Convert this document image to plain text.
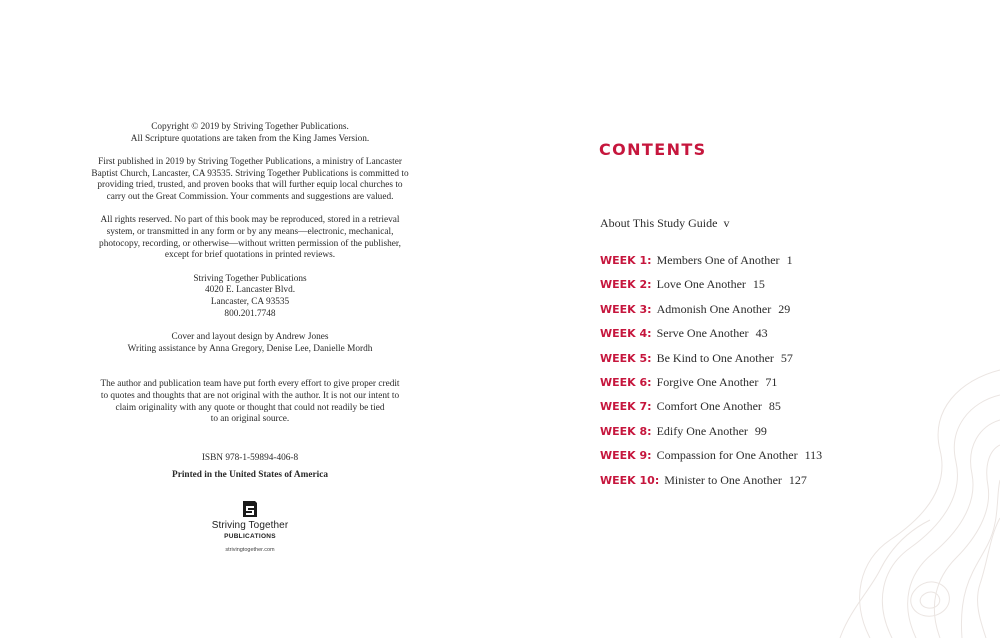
Copyright © 2019 by Striving Together Publications.
All Scripture quotations are taken from the King James Version.

First published in 2019 by Striving Together Publications, a ministry of Lancaster
Baptist Church, Lancaster, CA 93535. Striving Together Publications is committed to
providing tried, trusted, and proven books that will further equip local churches to
carry out the Great Commission. Your comments and suggestions are valued.

All rights reserved. No part of this book may be reproduced, stored in a retrieval
system, or transmitted in any form or by any means—electronic, mechanical,
photocopy, recording, or otherwise—without written permission of the publisher,
except for brief quotations in printed reviews.

Striving Together Publications
4020 E. Lancaster Blvd.
Lancaster, CA 93535
800.201.7748

Cover and layout design by Andrew Jones
Writing assistance by Anna Gregory, Denise Lee, Danielle Mordh

The author and publication team have put forth every effort to give proper credit
to quotes and thoughts that are not original with the author. It is not our intent to
claim originality with any quote or thought that could not readily be tied
to an original source.

ISBN 978-1-59894-406-8
Printed in the United States of America
Striving Together
PUBLICATIONS
strivingtogether.com
CONTENTS
About This Study Guide v
WEEK 1: Members One of Another 1
WEEK 2: Love One Another 15
WEEK 3: Admonish One Another 29
WEEK 4: Serve One Another 43
WEEK 5: Be Kind to One Another 57
WEEK 6: Forgive One Another 71
WEEK 7: Comfort One Another 85
WEEK 8: Edify One Another 99
WEEK 9: Compassion for One Another 113
WEEK 10: Minister to One Another 127
